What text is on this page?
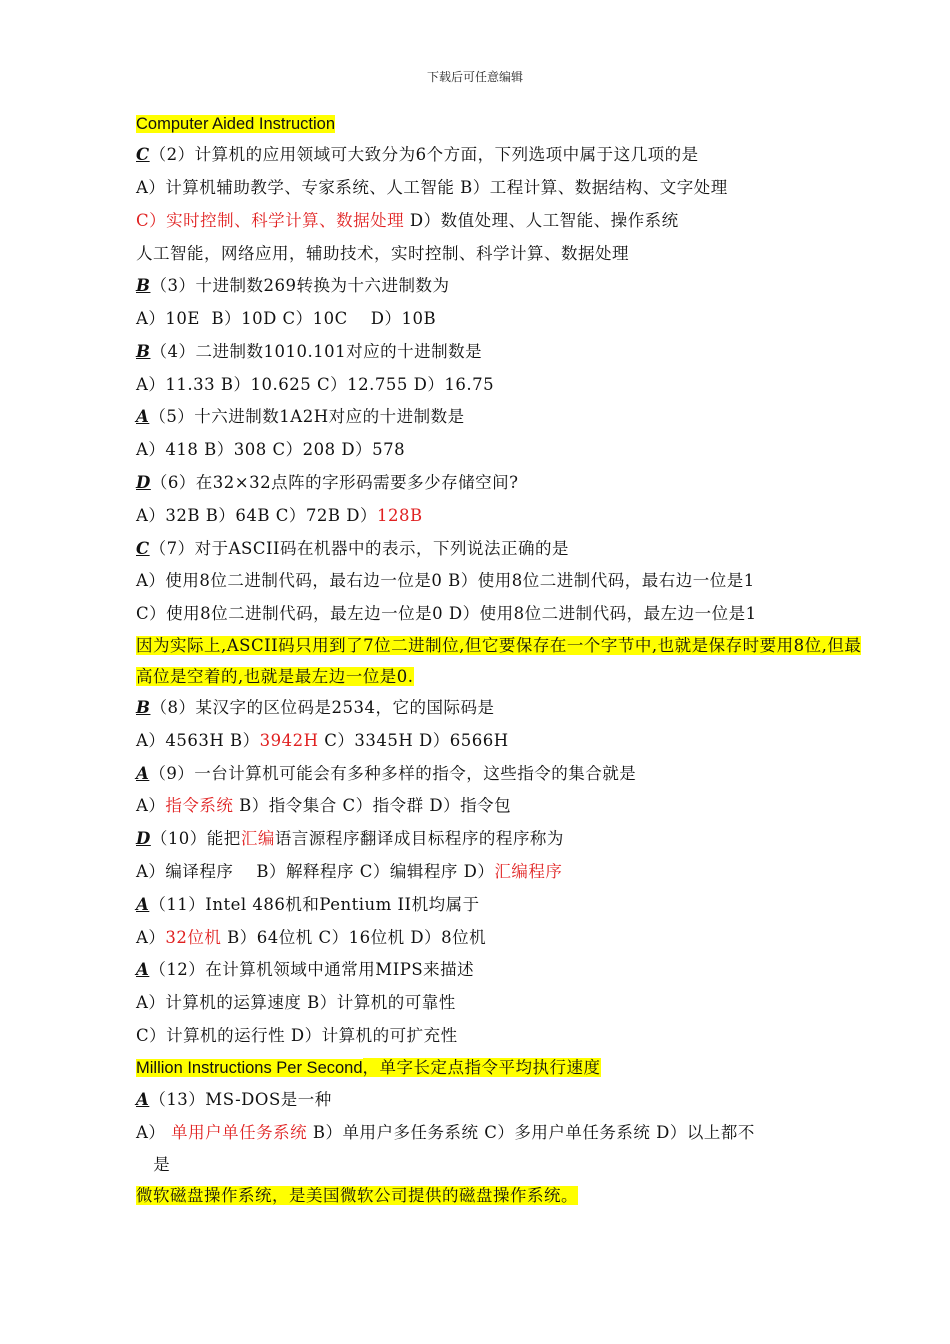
下载后可任意编辑
Computer Aided Instruction
C（2）计算机的应用领域可大致分为6个方面，下列选项中属于这几项的是
A）计算机辅助教学、专家系统、人工智能 B）工程计算、数据结构、文字处理
C）实时控制、科学计算、数据处理 D）数值处理、人工智能、操作系统
人工智能，网络应用，辅助技术，实时控制、科学计算、数据处理
B（3）十进制数269转换为十六进制数为
A）10E  B）10D C）10C    D）10B
B（4）二进制数1010.101对应的十进制数是
A）11.33 B）10.625 C）12.755 D）16.75
A（5）十六进制数1A2H对应的十进制数是
A）418 B）308 C）208 D）578
D（6）在32×32点阵的字形码需要多少存储空间?
A）32B B）64B C）72B D）128B
C（7）对于ASCII码在机器中的表示，下列说法正确的是
A）使用8位二进制代码，最右边一位是0 B）使用8位二进制代码，最右边一位是1
C）使用8位二进制代码，最左边一位是0 D）使用8位二进制代码，最左边一位是1
因为实际上,ASCII码只用到了7位二进制位,但它要保存在一个字节中,也就是保存时要用8位,但最
高位是空着的,也就是最左边一位是0.
B（8）某汉字的区位码是2534，它的国际码是
A）4563H B）3942H C）3345H D）6566H
A（9）一台计算机可能会有多种多样的指令，这些指令的集合就是
A）指令系统 B）指令集合 C）指令群 D）指令包
D（10）能把汇编语言源程序翻译成目标程序的程序称为
A）编译程序    B）解释程序 C）编辑程序 D）汇编程序
A（11）Intel 486机和Pentium II机均属于
A）32位机 B）64位机 C）16位机 D）8位机
A（12）在计算机领域中通常用MIPS来描述
A）计算机的运算速度 B）计算机的可靠性
C）计算机的运行性 D）计算机的可扩充性
Million Instructions Per Second，单字长定点指令平均执行速度
A（13）MS-DOS是一种
A） 单用户单任务系统 B）单用户多任务系统 C）多用户单任务系统 D）以上都不
是
微软磁盘操作系统，是美国微软公司提供的磁盘操作系统。
